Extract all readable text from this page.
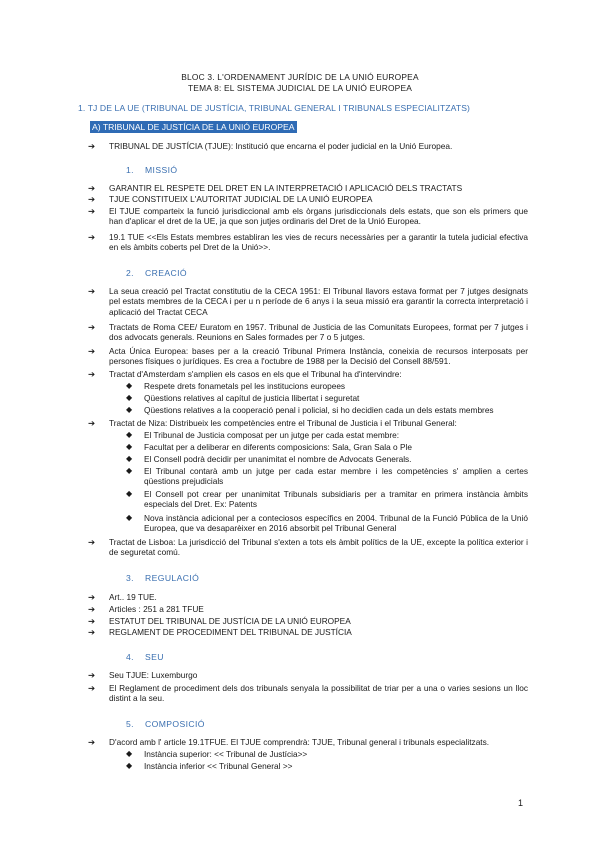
BLOC 3. L'ORDENAMENT JURÍDIC DE LA UNIÓ EUROPEA
TEMA 8: EL SISTEMA JUDICIAL DE LA UNIÓ EUROPEA
1. TJ DE LA UE (TRIBUNAL DE JUSTÍCIA, TRIBUNAL GENERAL I TRIBUNALS ESPECIALITZATS)
A) TRIBUNAL DE JUSTÍCIA DE LA UNIÓ EUROPEA
➔	TRIBUNAL DE JUSTÍCIA (TJUE): Institució que encarna el poder judicial en la Unió Europea.
1. MISSIÓ
➔	GARANTIR EL RESPETE DEL DRET EN LA INTERPRETACIÓ I APLICACIÓ DELS TRACTATS
➔	TJUE CONSTITUEIX L'AUTORITAT JUDICIAL DE LA UNIÓ EUROPEA
➔	El TJUE comparteix la funció jurisdiccional amb els òrgans jurisdiccionals dels estats, que son els primers que han d'aplicar el dret de la UE, ja que son jutjes ordinaris del Dret de la Unió Europea.
➔	19.1 TUE <<Els Estats membres establiran les vies de recurs necessàries per a garantir la tutela judicial efectiva en els àmbits coberts pel Dret de la Unió>>.
2. CREACIÓ
➔	La seua creació pel Tractat constitutiu de la CECA 1951: El Tribunal llavors estava format per 7 jutges designats pel estats membres de la CECA i per u n període de 6 anys i la seua missió era garantir la correcta interpretació i aplicació del Tractat CECA
➔	Tractats de Roma CEE/ Euratom en 1957. Tribunal de Justicia de las Comunitats Europees, format per 7 jutges i dos advocats generals. Reunions en Sales formades per 7 o 5 jutges.
➔	Acta Única Europea: bases per a la creació Tribunal Primera Instància, coneixia de recursos interposats per persones físiques o jurídiques. Es crea a l'octubre de 1988 per la Decisió del Consell 88/591.
➔	Tractat d'Amsterdam s'amplien els casos en els que el Tribunal ha d'intervindre:
◆ Respete drets fonametals pel les institucions europees
◆ Qüestions relatives al capítul de justicia llibertat i seguretat
◆ Qüestions relatives a la cooperació penal i policial, si ho decidien cada un dels estats membres
➔	Tractat de Niza: Distribueix les competències entre el Tribunal de Justicia i el Tribunal General:
◆ El Tribunal de Justicia composat per un jutge per cada estat membre:
◆ Facultat per a deliberar en diferents composicions: Sala, Gran Sala o Ple
◆ El Consell podrà decidir per unanimitat el nombre de Advocats Generals.
◆ El Tribunal contarà amb un jutge per cada estar membre i les competències s' amplien a certes qüestions prejudicials
◆ El Consell pot crear per unanimitat Tribunals subsidiaris per a tramitar en primera instància àmbits especials del Dret. Ex: Patents
◆ Nova instància adicional per a conteciosos específics en 2004. Tribunal de la Funció Pública de la Unió Europea, que va desaparèixer en 2016 absorbit pel Tribunal General
➔	Tractat de Lisboa: La jurisdicció del Tribunal s'exten a tots els àmbit polítics de la UE, excepte la política exterior i de seguretat comú.
3. REGULACIÓ
➔	Art.. 19 TUE.
➔	Articles : 251 a 281 TFUE
➔	ESTATUT DEL TRIBUNAL DE JUSTÍCIA DE LA UNIÓ EUROPEA
➔	REGLAMENT DE PROCEDIMENT DEL TRIBUNAL DE JUSTÍCIA
4. SEU
➔	Seu TJUE: Luxemburgo
➔	El Reglament de procediment dels dos tribunals senyala la possibilitat de triar per a una o varies sesions un lloc distint a la seu.
5. COMPOSICIÓ
➔	D'acord amb l' article 19.1TFUE. El TJUE comprendrà: TJUE, Tribunal general i tribunals especialitzats.
◆ Instància superior: << Tribunal de Justícia>>
◆ Instància inferior << Tribunal General >>
1
